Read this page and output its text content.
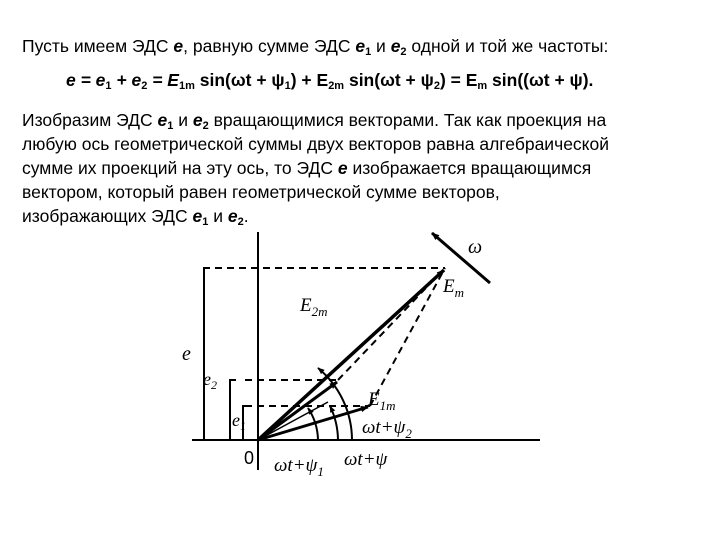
Пусть имеем ЭДС е, равную сумме ЭДС $е_1$ и $е_2$ одной и той же частоты:
$е = е_1 + е_2 = E_{1m}$ $\sin(\omega t + \psi_1) + E_{2m}$ $\sin(\omega t + \psi_2) = E_m$ sin((ωt + ψ).
Изобразим ЭДС $е_1$ и $е_2$ вращающимися векторами. Так как проекция на
любую ось геометрической суммы двух векторов равна алгебраической
сумме их проекций на эту ось, то ЭДС е изображается вращающимся
вектором, который равен геометрической сумме векторов,
изображающих ЭДС $е_1$ и $е_2$.
ω
$E_m$
$E_{2m}$
$E_{1m}$
$\omega t+\psi_2$
$\omega t+\psi_1$
ωt+ψ
e
$e_2$
$e_1$
0
